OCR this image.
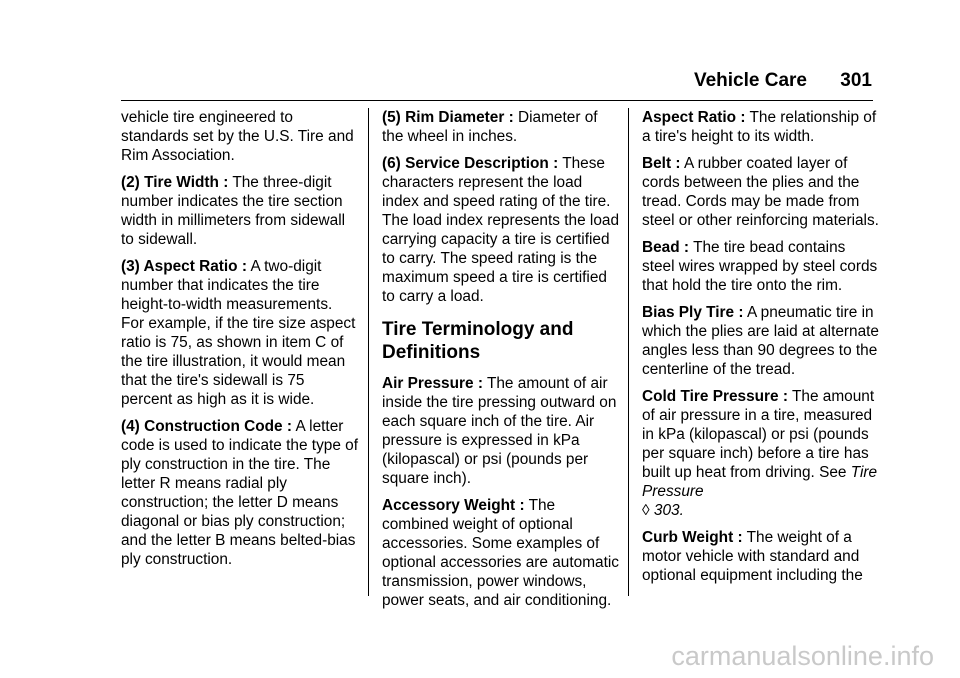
Vehicle Care 301

vehicle tire engineered to standards set by the U.S. Tire and Rim Association.

(2) Tire Width : The three-digit number indicates the tire section width in millimeters from sidewall to sidewall.

(3) Aspect Ratio : A two-digit number that indicates the tire height-to-width measurements. For example, if the tire size aspect ratio is 75, as shown in item C of the tire illustration, it would mean that the tire's sidewall is 75 percent as high as it is wide.

(4) Construction Code : A letter code is used to indicate the type of ply construction in the tire. The letter R means radial ply construction; the letter D means diagonal or bias ply construction; and the letter B means belted-bias ply construction.

(5) Rim Diameter : Diameter of the wheel in inches.

(6) Service Description : These characters represent the load index and speed rating of the tire. The load index represents the load carrying capacity a tire is certified to carry. The speed rating is the maximum speed a tire is certified to carry a load.

Tire Terminology and Definitions

Air Pressure : The amount of air inside the tire pressing outward on each square inch of the tire. Air pressure is expressed in kPa (kilopascal) or psi (pounds per square inch).

Accessory Weight : The combined weight of optional accessories. Some examples of optional accessories are automatic transmission, power windows, power seats, and air conditioning.

Aspect Ratio : The relationship of a tire's height to its width.

Belt : A rubber coated layer of cords between the plies and the tread. Cords may be made from steel or other reinforcing materials.

Bead : The tire bead contains steel wires wrapped by steel cords that hold the tire onto the rim.

Bias Ply Tire : A pneumatic tire in which the plies are laid at alternate angles less than 90 degrees to the centerline of the tread.

Cold Tire Pressure : The amount of air pressure in a tire, measured in kPa (kilopascal) or psi (pounds per square inch) before a tire has built up heat from driving. See Tire Pressure
◊ 303.

Curb Weight : The weight of a motor vehicle with standard and optional equipment including the

carmanualsonline.info
